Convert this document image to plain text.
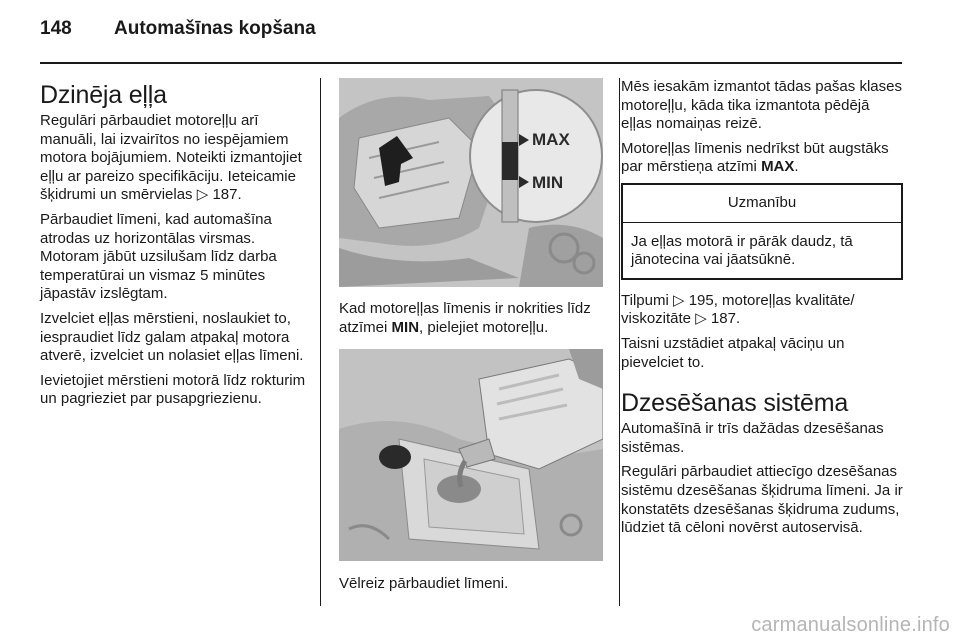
148	Automašīnas kopšana
Dzinēja eļļa

Regulāri pārbaudiet motoreļļu arī manuāli, lai izvairītos no iespējamiem motora bojājumiem. Noteikti izmantojiet eļļu ar pareizo specifikāciju. Ieteicamie šķidrumi un smērvielas ▷ 187.

Pārbaudiet līmeni, kad automašīna atrodas uz horizontālas virsmas. Motoram jābūt uzsilušam līdz darba temperatūrai un vismaz 5 minūtes jāpastāv izslēgtam.

Izvelciet eļļas mērstieni, noslaukiet to, iespraudiet līdz galam atpakaļ motora atverē, izvelciet un nolasiet eļļas līmeni.

Ievietojiet mērstieni motorā līdz rokturim un pagrieziet par pusapgriezienu.

MAX
MIN

Kad motoreļļas līmenis ir nokrities līdz atzīmei MIN, pielejiet motoreļļu.

Vēlreiz pārbaudiet līmeni.

Mēs iesakām izmantot tādas pašas klases motoreļļu, kāda tika izmantota pēdējā eļļas nomaiņas reizē.

Motoreļļas līmenis nedrīkst būt augstāks par mērstieņa atzīmi MAX.

Uzmanību
Ja eļļas motorā ir pārāk daudz, tā jānotecina vai jāatsūknē.

Tilpumi ▷ 195, motoreļļas kvalitāte/ viskozitāte ▷ 187.

Taisni uzstādiet atpakaļ vāciņu un pievelciet to.

Dzesēšanas sistēma

Automašīnā ir trīs dažādas dzesēšanas sistēmas.

Regulāri pārbaudiet attiecīgo dzesēšanas sistēmu dzesēšanas šķidruma līmeni. Ja ir konstatēts dzesēšanas šķidruma zudums, lūdziet tā cēloni novērst autoservisā.

carmanualsonline.info
